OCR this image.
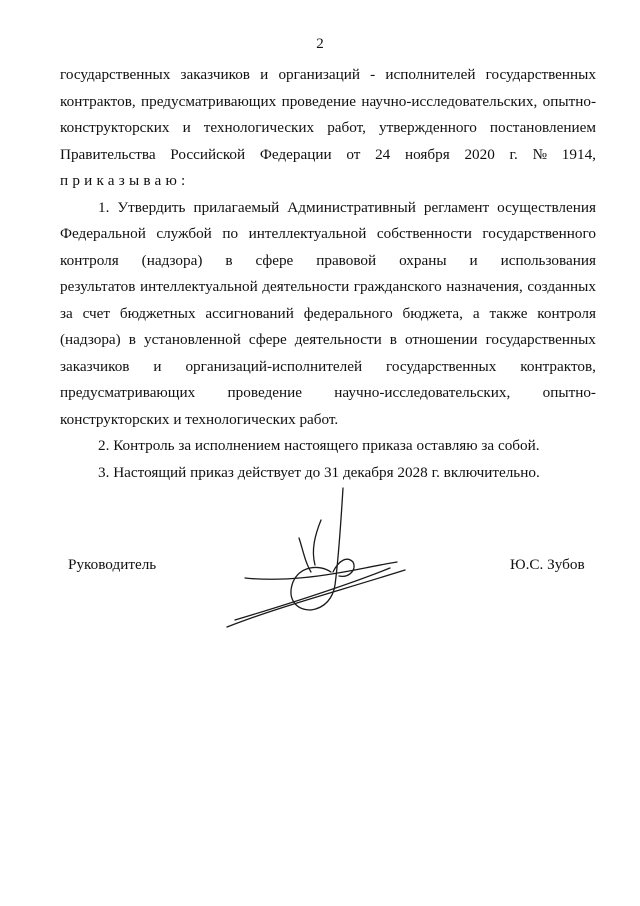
2
государственных заказчиков и организаций - исполнителей государственных
контрактов, предусматривающих проведение научно-исследовательских, опытно-
конструкторских и технологических работ, утвержденного постановлением
Правительства Российской Федерации от 24 ноября 2020 г. № 1914,
приказываю:
1. Утвердить прилагаемый Административный регламент осуществления
Федеральной службой по интеллектуальной собственности государственного
контроля (надзора) в сфере правовой охраны и использования
результатов интеллектуальной деятельности гражданского назначения, созданных
за счет бюджетных ассигнований федерального бюджета, а также контроля
(надзора) в установленной сфере деятельности в отношении государственных
заказчиков и организаций-исполнителей государственных контрактов,
предусматривающих проведение научно-исследовательских, опытно-
конструкторских и технологических работ.
2. Контроль за исполнением настоящего приказа оставляю за собой.
3. Настоящий приказ действует до 31 декабря 2028 г. включительно.
Руководитель	Ю.С. Зубов
